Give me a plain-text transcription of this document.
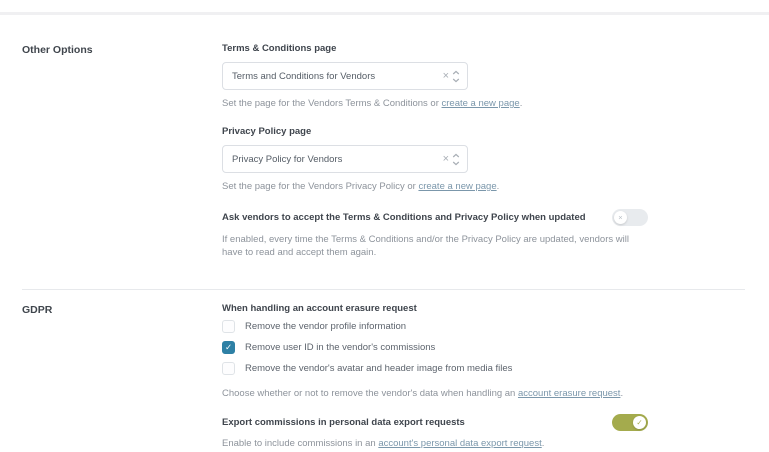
Other Options	Terms & Conditions page
Terms and Conditions for Vendors	×
Set the page for the Vendors Terms & Conditions or create a new page.
Privacy Policy page
Privacy Policy for Vendors	×
Set the page for the Vendors Privacy Policy or create a new page.
Ask vendors to accept the Terms & Conditions and Privacy Policy when updated	×
If enabled, every time the Terms & Conditions and/or the Privacy Policy are updated, vendors will
have to read and accept them again.
GDPR	When handling an account erasure request
Remove the vendor profile information
✓	Remove user ID in the vendor's commissions
Remove the vendor's avatar and header image from media files
Choose whether or not to remove the vendor's data when handling an account erasure request.
Export commissions in personal data export requests	✓
Enable to include commissions in an account's personal data export request.
